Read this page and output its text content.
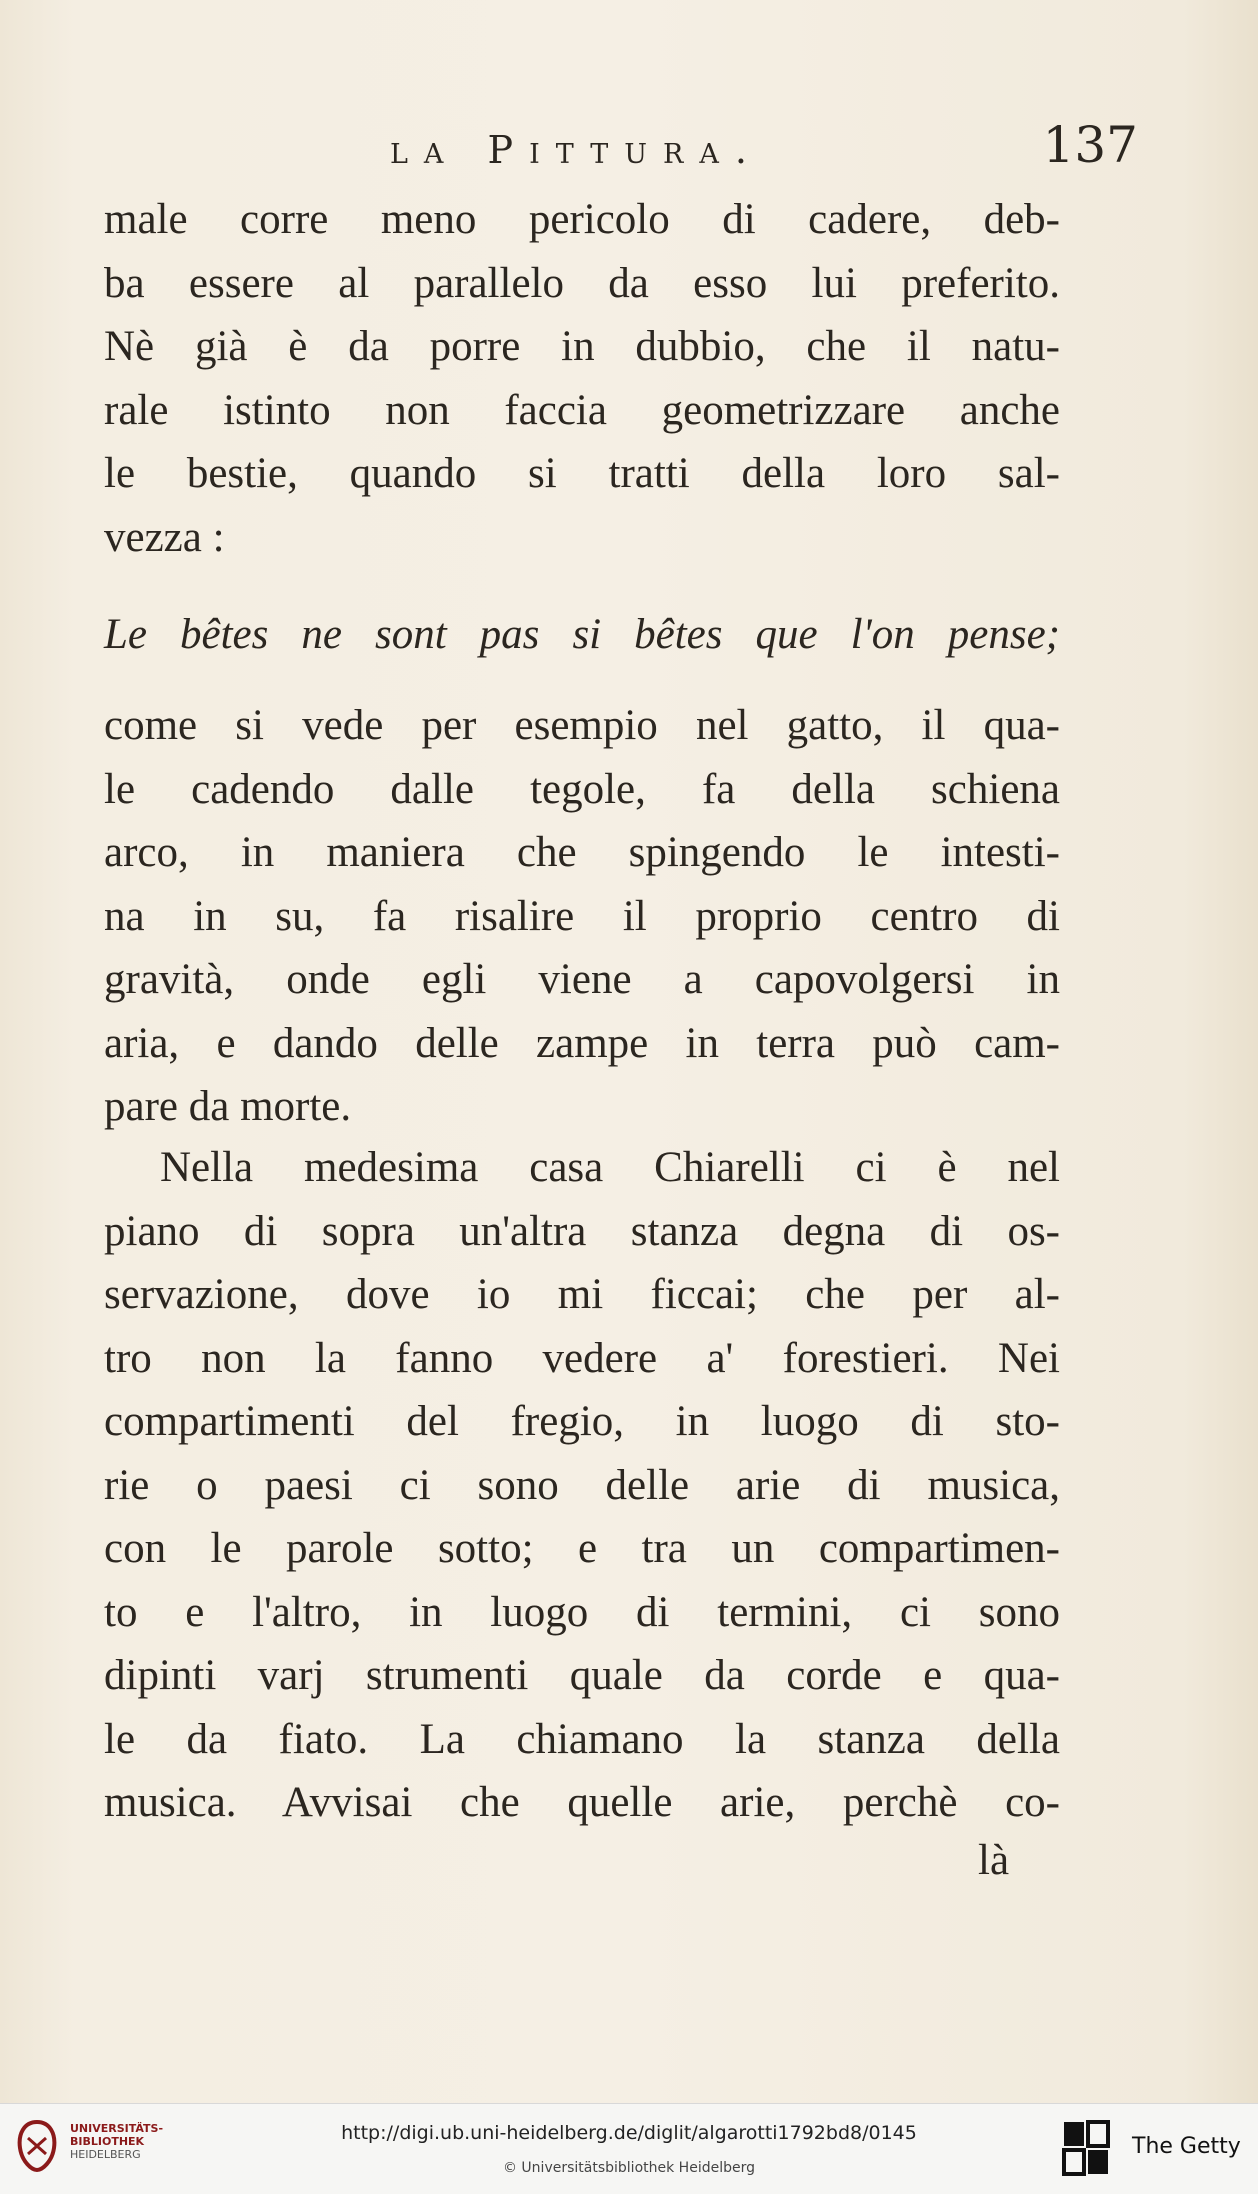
la Pittura.	137
male corre meno pericolo di cadere, deb-
ba essere al parallelo da esso lui preferito.
Nè già è da porre in dubbio, che il natu-
rale istinto non faccia geometrizzare anche
le bestie, quando si tratti della loro sal-
vezza :
Le bêtes ne sont pas si bêtes que l'on pense;
come si vede per esempio nel gatto, il qua-
le cadendo dalle tegole, fa della schiena
arco, in maniera che spingendo le intesti-
na in su, fa risalire il proprio centro di
gravità, onde egli viene a capovolgersi in
aria, e dando delle zampe in terra può cam-
pare da morte.
Nella medesima casa Chiarelli ci è nel
piano di sopra un'altra stanza degna di os-
servazione, dove io mi ficcai; che per al-
tro non la fanno vedere a' forestieri. Nei
compartimenti del fregio, in luogo di sto-
rie o paesi ci sono delle arie di musica,
con le parole sotto; e tra un compartimen-
to e l'altro, in luogo di termini, ci sono
dipinti varj strumenti quale da corde e qua-
le da fiato. La chiamano la stanza della
musica. Avvisai che quelle arie, perchè co-
là
UNIVERSITÄTS-
BIBLIOTHEK
HEIDELBERG
http://digi.ub.uni-heidelberg.de/diglit/algarotti1792bd8/0145
© Universitätsbibliothek Heidelberg
The Getty
